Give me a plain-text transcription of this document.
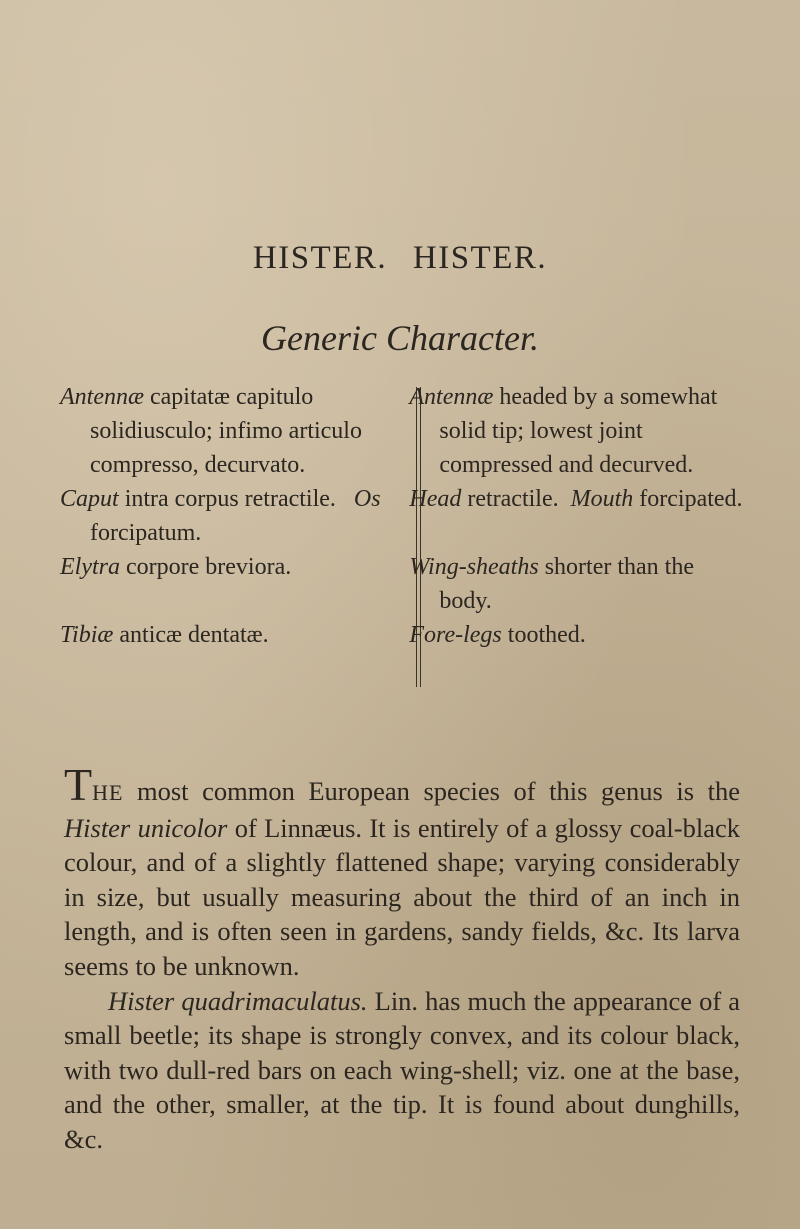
HISTER. HISTER.
Generic Character.
Antennæ capitatæ capitulo solidiusculo; infimo articulo compresso, decurvato.
Antennæ headed by a somewhat solid tip; lowest joint compressed and decurved.
Caput intra corpus retractile. Os forcipatum.
Head retractile. Mouth forcipated.
Elytra corpore breviora.	Wing-sheaths shorter than the body.
Tibiæ anticæ dentatæ.	Fore-legs toothed.

THE most common European species of this genus is the Hister unicolor of Linnæus. It is entirely of a glossy coal-black colour, and of a slightly flattened shape; varying considerably in size, but usually measuring about the third of an inch in length, and is often seen in gardens, sandy fields, &c. Its larva seems to be unknown.

Hister quadrimaculatus. Lin. has much the appearance of a small beetle; its shape is strongly convex, and its colour black, with two dull-red bars on each wing-shell; viz. one at the base, and the other, smaller, at the tip. It is found about dunghills, &c.
